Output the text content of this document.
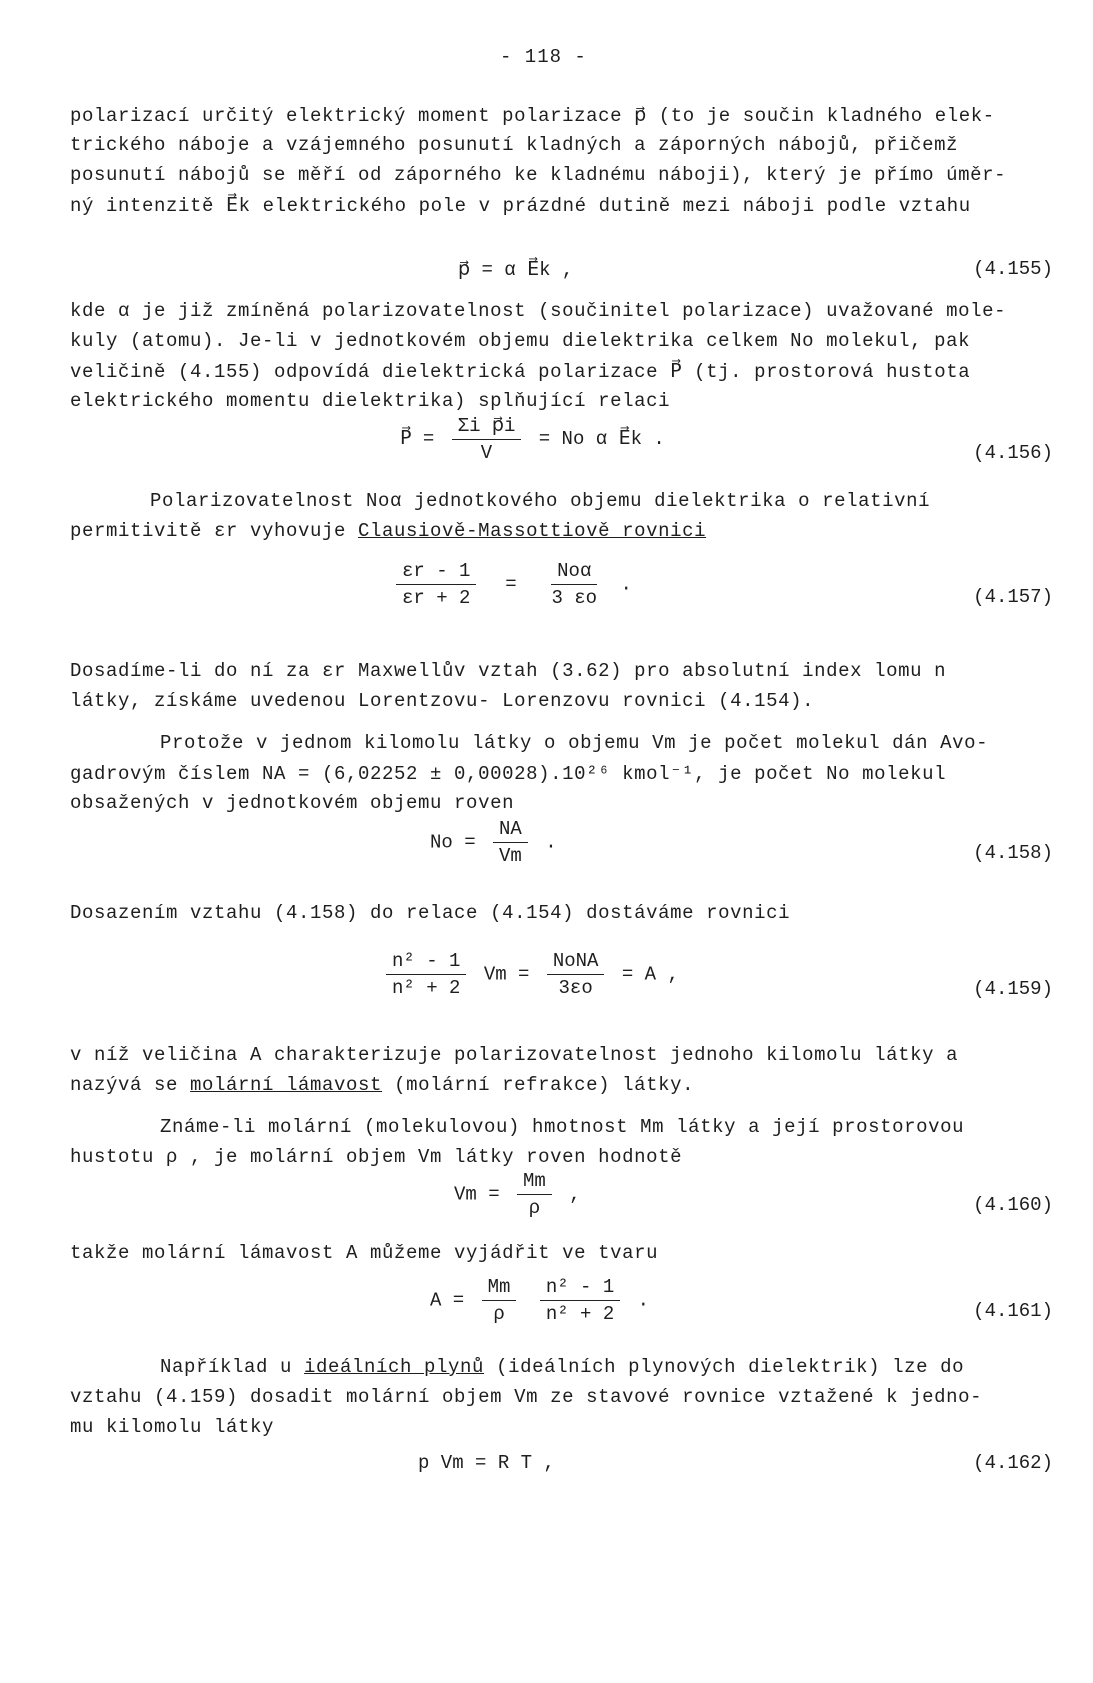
- 118 -
polarizací určitý elektrický moment polarizace p⃗ (to je součin kladného elek-
trického náboje a vzájemného posunutí kladných a záporných nábojů, přičemž
posunutí nábojů se měří od záporného ke kladnému náboji), který je přímo úměr-
ný intenzitě E⃗k elektrického pole v prázdné dutině mezi náboji podle vztahu
p⃗ = α E⃗k ,	(4.155)
kde α je již zmíněná polarizovatelnost (součinitel polarizace) uvažované mole-
kuly (atomu). Je-li v jednotkovém objemu dielektrika celkem No molekul, pak
veličině (4.155) odpovídá dielektrická polarizace P⃗ (tj. prostorová hustota
elektrického momentu dielektrika) splňující relaci
P⃗ = $\frac{\text{Σi p⃗i}}{V} = No$ α E⃗k .
(4.156)
Polarizovatelnost Noα jednotkového objemu dielektrika o relativní
permitivitě εr vyhovuje Clausiově-Massottiově rovnici
$\frac{\varepsilon r - 1}{\varepsilon r + 2} = \frac{\text{Noα}}{3 \varepsilon o}$ .
(4.157)
Dosadíme-li do ní za εr Maxwellův vztah (3.62) pro absolutní index lomu n
látky, získáme uvedenou Lorentzovu- Lorenzovu rovnici (4.154).
Protože v jednom kilomolu látky o objemu Vm je počet molekul dán Avo-
gadrovým číslem NA = (6,02252 ± 0,00028).10²⁶ kmol⁻¹, je počet No molekul
obsažených v jednotkovém objemu roven
$No = \frac{NA}{Vm}$ .	(4.158)
Dosazením vztahu (4.158) do relace (4.154) dostáváme rovnici
$\frac{\text{n² - 1}}{\text{n² + 2}}$ $Vm = \frac{\text{NoNA}}{3\varepsilon o} = A$ ,
(4.159)
v níž veličina A charakterizuje polarizovatelnost jednoho kilomolu látky a
nazývá se molární lámavost (molární refrakce) látky.
Známe-li molární (molekulovou) hmotnost Mm látky a její prostorovou
hustotu ρ , je molární objem Vm látky roven hodnotě
$Vm = \frac{Mm}{\rho}$ ,	(4.160)
takže molární lámavost A můžeme vyjádřit ve tvaru
$A = \frac{Mm}{\rho}$
$\frac{\text{n² - 1}}{\text{n² + 2}}$ .	(4.161)
Například u ideálních plynů (ideálních plynových dielektrik) lze do
vztahu (4.159) dosadit molární objem Vm ze stavové rovnice vztažené k jedno-
mu kilomolu látky
p Vm = R T ,	(4.162)
